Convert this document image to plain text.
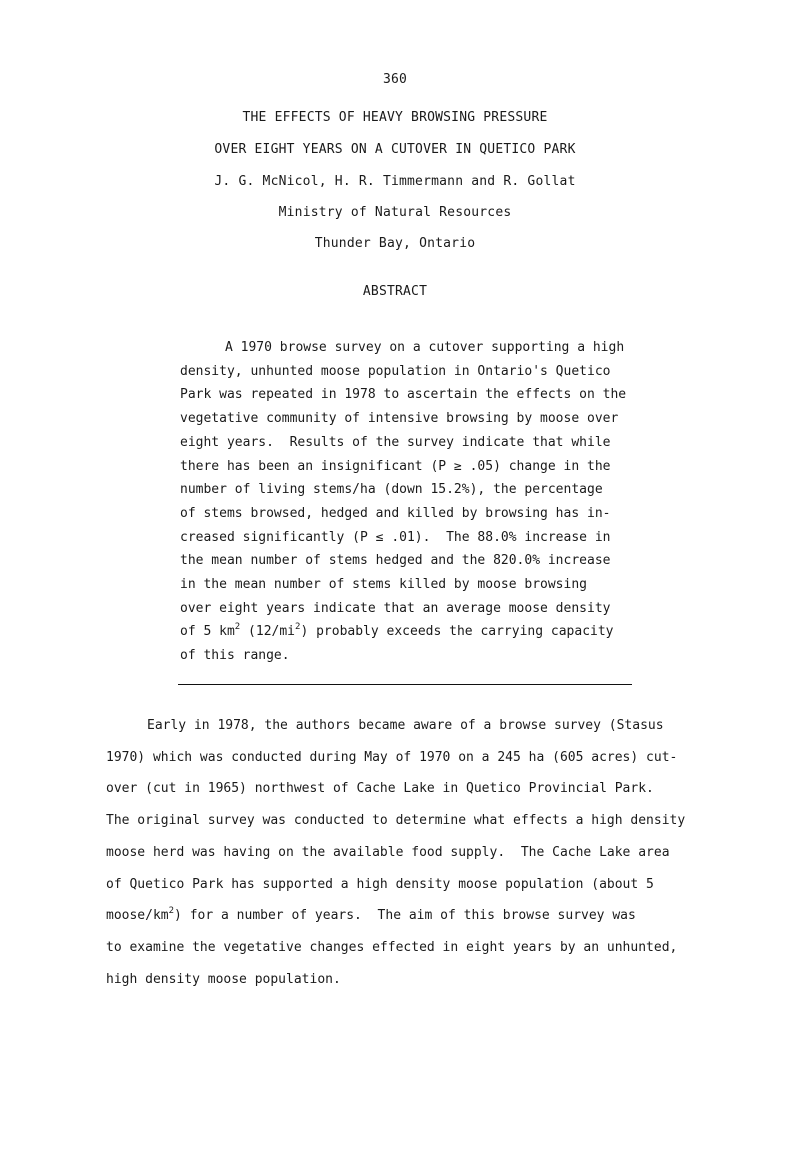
360
THE EFFECTS OF HEAVY BROWSING PRESSURE
OVER EIGHT YEARS ON A CUTOVER IN QUETICO PARK
J. G. McNicol, H. R. Timmermann and R. Gollat
Ministry of Natural Resources
Thunder Bay, Ontario
ABSTRACT
A 1970 browse survey on a cutover supporting a high
density, unhunted moose population in Ontario's Quetico
Park was repeated in 1978 to ascertain the effects on the
vegetative community of intensive browsing by moose over
eight years.  Results of the survey indicate that while
there has been an insignificant (P ≥ .05) change in the
number of living stems/ha (down 15.2%), the percentage
of stems browsed, hedged and killed by browsing has in-
creased significantly (P ≤ .01).  The 88.0% increase in
the mean number of stems hedged and the 820.0% increase
in the mean number of stems killed by moose browsing
over eight years indicate that an average moose density
of 5 $km^2$ $(12/mi^2)$ probably exceeds the carrying capacity
of this range.
Early in 1978, the authors became aware of a browse survey (Stasus
1970) which was conducted during May of 1970 on a 245 ha (605 acres) cut-
over (cut in 1965) northwest of Cache Lake in Quetico Provincial Park.
The original survey was conducted to determine what effects a high density
moose herd was having on the available food supply.  The Cache Lake area
of Quetico Park has supported a high density moose population (about 5
moose/$km^2$) for a number of years.  The aim of this browse survey was
to examine the vegetative changes effected in eight years by an unhunted,
high density moose population.
